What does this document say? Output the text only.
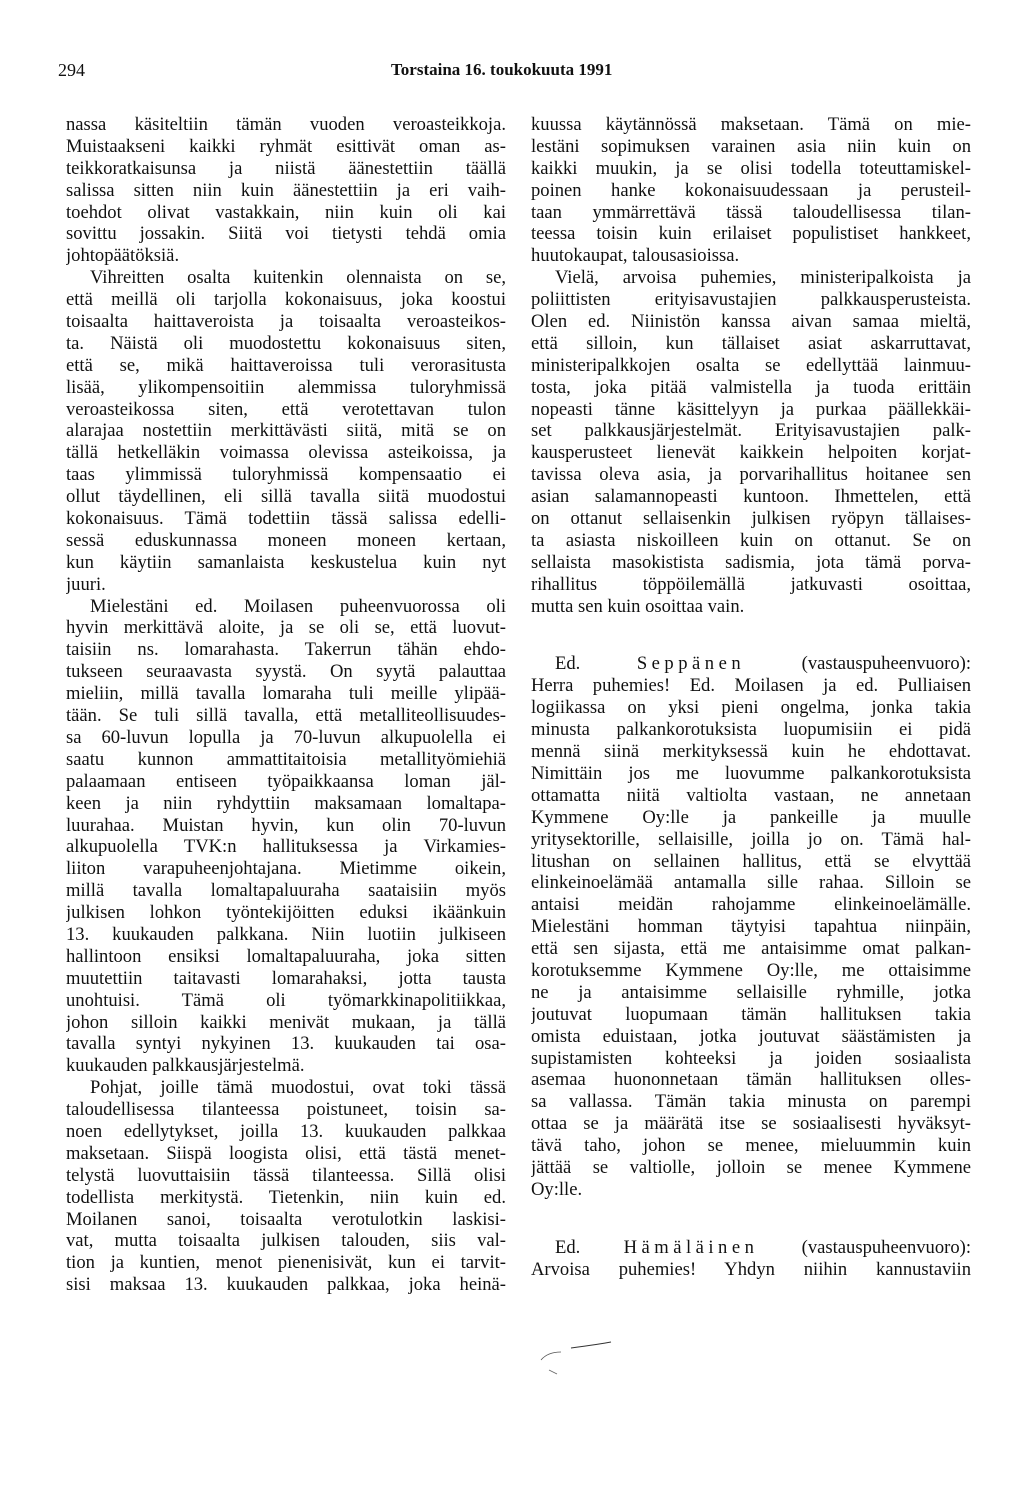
294	Torstaina 16. toukokuuta 1991
nassa käsiteltiin tämän vuoden veroasteikkoja.
Muistaakseni kaikki ryhmät esittivät oman as-
teikkoratkaisunsa ja niistä äänestettiin täällä
salissa sitten niin kuin äänestettiin ja eri vaih-
toehdot olivat vastakkain, niin kuin oli kai
sovittu jossakin. Siitä voi tietysti tehdä omia
johtopäätöksiä.
Vihreitten osalta kuitenkin olennaista on se,
että meillä oli tarjolla kokonaisuus, joka koostui
toisaalta haittaveroista ja toisaalta veroasteikos-
ta. Näistä oli muodostettu kokonaisuus siten,
että se, mikä haittaveroissa tuli verorasitusta
lisää, ylikompensoitiin alemmissa tuloryhmissä
veroasteikossa siten, että verotettavan tulon
alarajaa nostettiin merkittävästi siitä, mitä se on
tällä hetkelläkin voimassa olevissa asteikoissa, ja
taas ylimmissä tuloryhmissä kompensaatio ei
ollut täydellinen, eli sillä tavalla siitä muodostui
kokonaisuus. Tämä todettiin tässä salissa edelli-
sessä eduskunnassa moneen moneen kertaan,
kun käytiin samanlaista keskustelua kuin nyt
juuri.
Mielestäni ed. Moilasen puheenvuorossa oli
hyvin merkittävä aloite, ja se oli se, että luovut-
taisiin ns. lomarahasta. Takerrun tähän ehdo-
tukseen seuraavasta syystä. On syytä palauttaa
mieliin, millä tavalla lomaraha tuli meille ylipää-
tään. Se tuli sillä tavalla, että metalliteollisuudes-
sa 60-luvun lopulla ja 70-luvun alkupuolella ei
saatu kunnon ammattitaitoisia metallityömiehiä
palaamaan entiseen työpaikkaansa loman jäl-
keen ja niin ryhdyttiin maksamaan lomaltapa-
luurahaa. Muistan hyvin, kun olin 70-luvun
alkupuolella TVK:n hallituksessa ja Virkamies-
liiton varapuheenjohtajana. Mietimme oikein,
millä tavalla lomaltapaluuraha saataisiin myös
julkisen lohkon työntekijöitten eduksi ikäänkuin
13. kuukauden palkkana. Niin luotiin julkiseen
hallintoon ensiksi lomaltapaluuraha, joka sitten
muutettiin taitavasti lomarahaksi, jotta tausta
unohtuisi. Tämä oli työmarkkinapolitiikkaa,
johon silloin kaikki menivät mukaan, ja tällä
tavalla syntyi nykyinen 13. kuukauden tai osa-
kuukauden palkkausjärjestelmä.
Pohjat, joille tämä muodostui, ovat toki tässä
taloudellisessa tilanteessa poistuneet, toisin sa-
noen edellytykset, joilla 13. kuukauden palkkaa
maksetaan. Siispä loogista olisi, että tästä menet-
telystä luovuttaisiin tässä tilanteessa. Sillä olisi
todellista merkitystä. Tietenkin, niin kuin ed.
Moilanen sanoi, toisaalta verotulotkin laskisi-
vat, mutta toisaalta julkisen talouden, siis val-
tion ja kuntien, menot pienenisivät, kun ei tarvit-
sisi maksaa 13. kuukauden palkkaa, joka heinä-
kuussa käytännössä maksetaan. Tämä on mie-
lestäni sopimuksen varainen asia niin kuin on
kaikki muukin, ja se olisi todella toteuttamiskel-
poinen hanke kokonaisuudessaan ja perusteil-
taan ymmärrettävä tässä taloudellisessa tilan-
teessa toisin kuin erilaiset populistiset hankkeet,
huutokaupat, talousasioissa.
Vielä, arvoisa puhemies, ministeripalkoista ja
poliittisten erityisavustajien palkkausperusteista.
Olen ed. Niinistön kanssa aivan samaa mieltä,
että silloin, kun tällaiset asiat askarruttavat,
ministeripalkkojen osalta se edellyttää lainmuu-
tosta, joka pitää valmistella ja tuoda erittäin
nopeasti tänne käsittelyyn ja purkaa päällekkäi-
set palkkausjärjestelmät. Erityisavustajien palk-
kausperusteet lienevät kaikkein helpoiten korjat-
tavissa oleva asia, ja porvarihallitus hoitanee sen
asian salamannopeasti kuntoon. Ihmettelen, että
on ottanut sellaisenkin julkisen ryöpyn tällaises-
ta asiasta niskoilleen kuin on ottanut. Se on
sellaista masokistista sadismia, jota tämä porva-
rihallitus töppöilemällä jatkuvasti osoittaa,
mutta sen kuin osoittaa vain.
Ed.	Seppänen	(vastauspuheenvuoro):
Herra puhemies! Ed. Moilasen ja ed. Pulliaisen
logiikassa on yksi pieni ongelma, jonka takia
minusta palkankorotuksista luopumisiin ei pidä
mennä siinä merkityksessä kuin he ehdottavat.
Nimittäin jos me luovumme palkankorotuksista
ottamatta niitä valtiolta vastaan, ne annetaan
Kymmene Oy:lle ja pankeille ja muulle
yritysektorille, sellaisille, joilla jo on. Tämä hal-
litushan on sellainen hallitus, että se elvyttää
elinkeinoelämää antamalla sille rahaa. Silloin se
antaisi meidän rahojamme elinkeinoelämälle.
Mielestäni homman täytyisi tapahtua niinpäin,
että sen sijasta, että me antaisimme omat palkan-
korotuksemme Kymmene Oy:lle, me ottaisimme
ne ja antaisimme sellaisille ryhmille, jotka
joutuvat luopumaan tämän hallituksen takia
omista eduistaan, jotka joutuvat säästämisten ja
supistamisten kohteeksi ja joiden sosiaalista
asemaa huononnetaan tämän hallituksen olles-
sa vallassa. Tämän takia minusta on parempi
ottaa se ja määrätä itse se sosiaalisesti hyväksyt-
tävä taho, johon se menee, mieluummin kuin
jättää se valtiolle, jolloin se menee Kymmene
Oy:lle.
Ed. Hämäläinen (vastauspuheenvuoro):
Arvoisa puhemies! Yhdyn niihin kannustaviin
